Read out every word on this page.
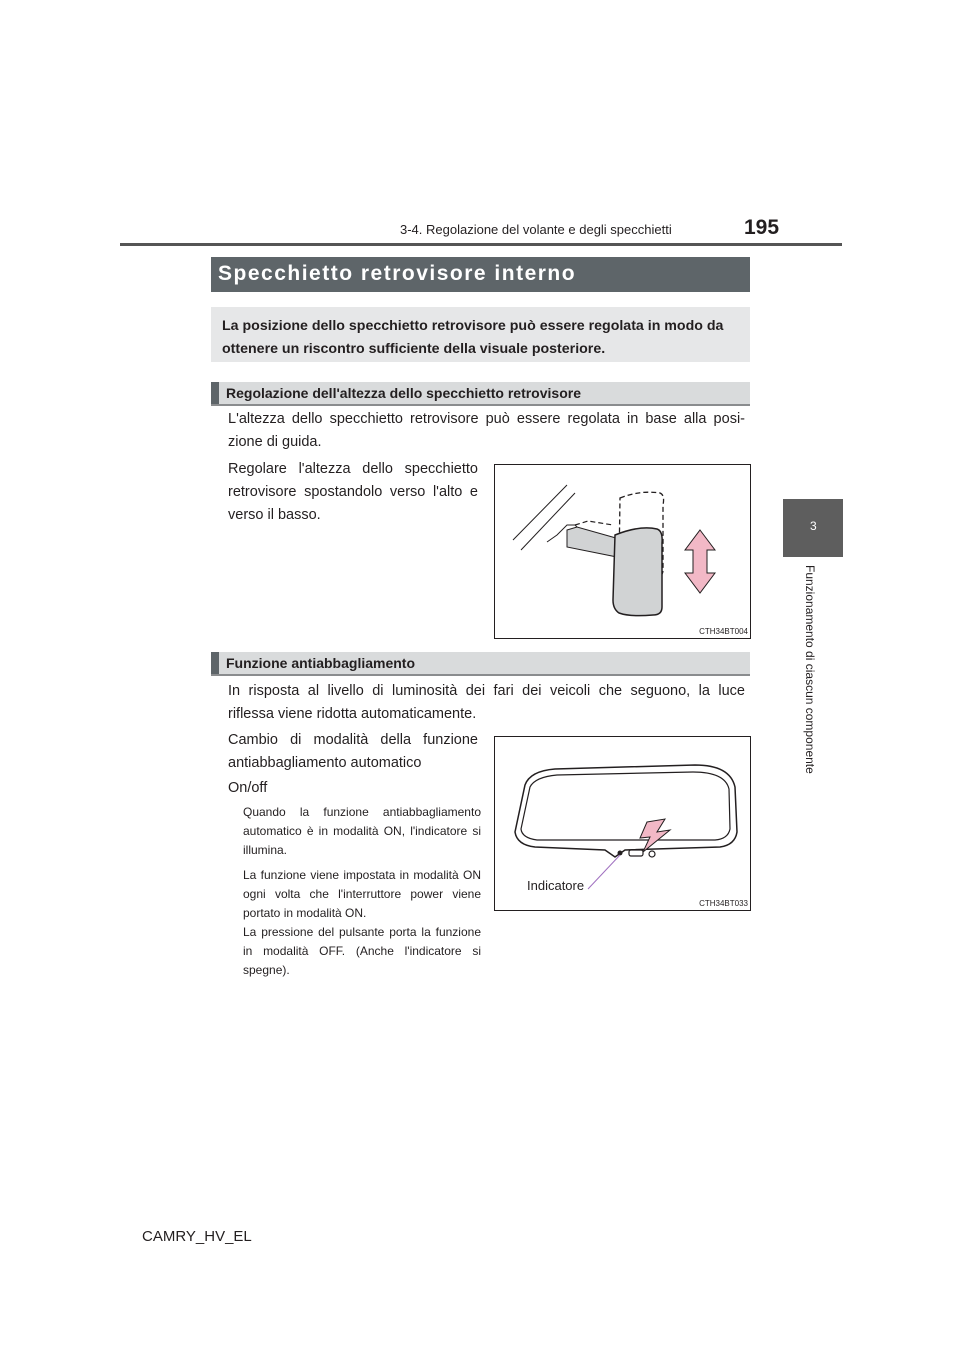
3-4. Regolazione del volante e degli specchietti	195
3
Funzionamento di ciascun componente
Specchietto retrovisore interno
La posizione dello specchietto retrovisore può essere regolata in modo da ottenere un riscontro sufficiente della visuale posteriore.
Regolazione dell'altezza dello specchietto retrovisore
L'altezza dello specchietto retrovisore può essere regolata in base alla posi-
zione di guida.
Regolare l'altezza dello specchietto retrovisore spostandolo verso l'alto e verso il basso.
CTH34BT004
Funzione antiabbagliamento
In risposta al livello di luminosità dei fari dei veicoli che seguono, la luce
riflessa viene ridotta automaticamente.
Cambio di modalità della funzione antiabbagliamento automatico
On/off
Quando la funzione antiabbagliamento automatico è in modalità ON, l'indicatore si illumina.
La funzione viene impostata in modalità ON ogni volta che l'interruttore power viene portato in modalità ON.
La pressione del pulsante porta la funzione in modalità OFF. (Anche l'indicatore si spegne).
Indicatore
CTH34BT033
CAMRY_HV_EL
